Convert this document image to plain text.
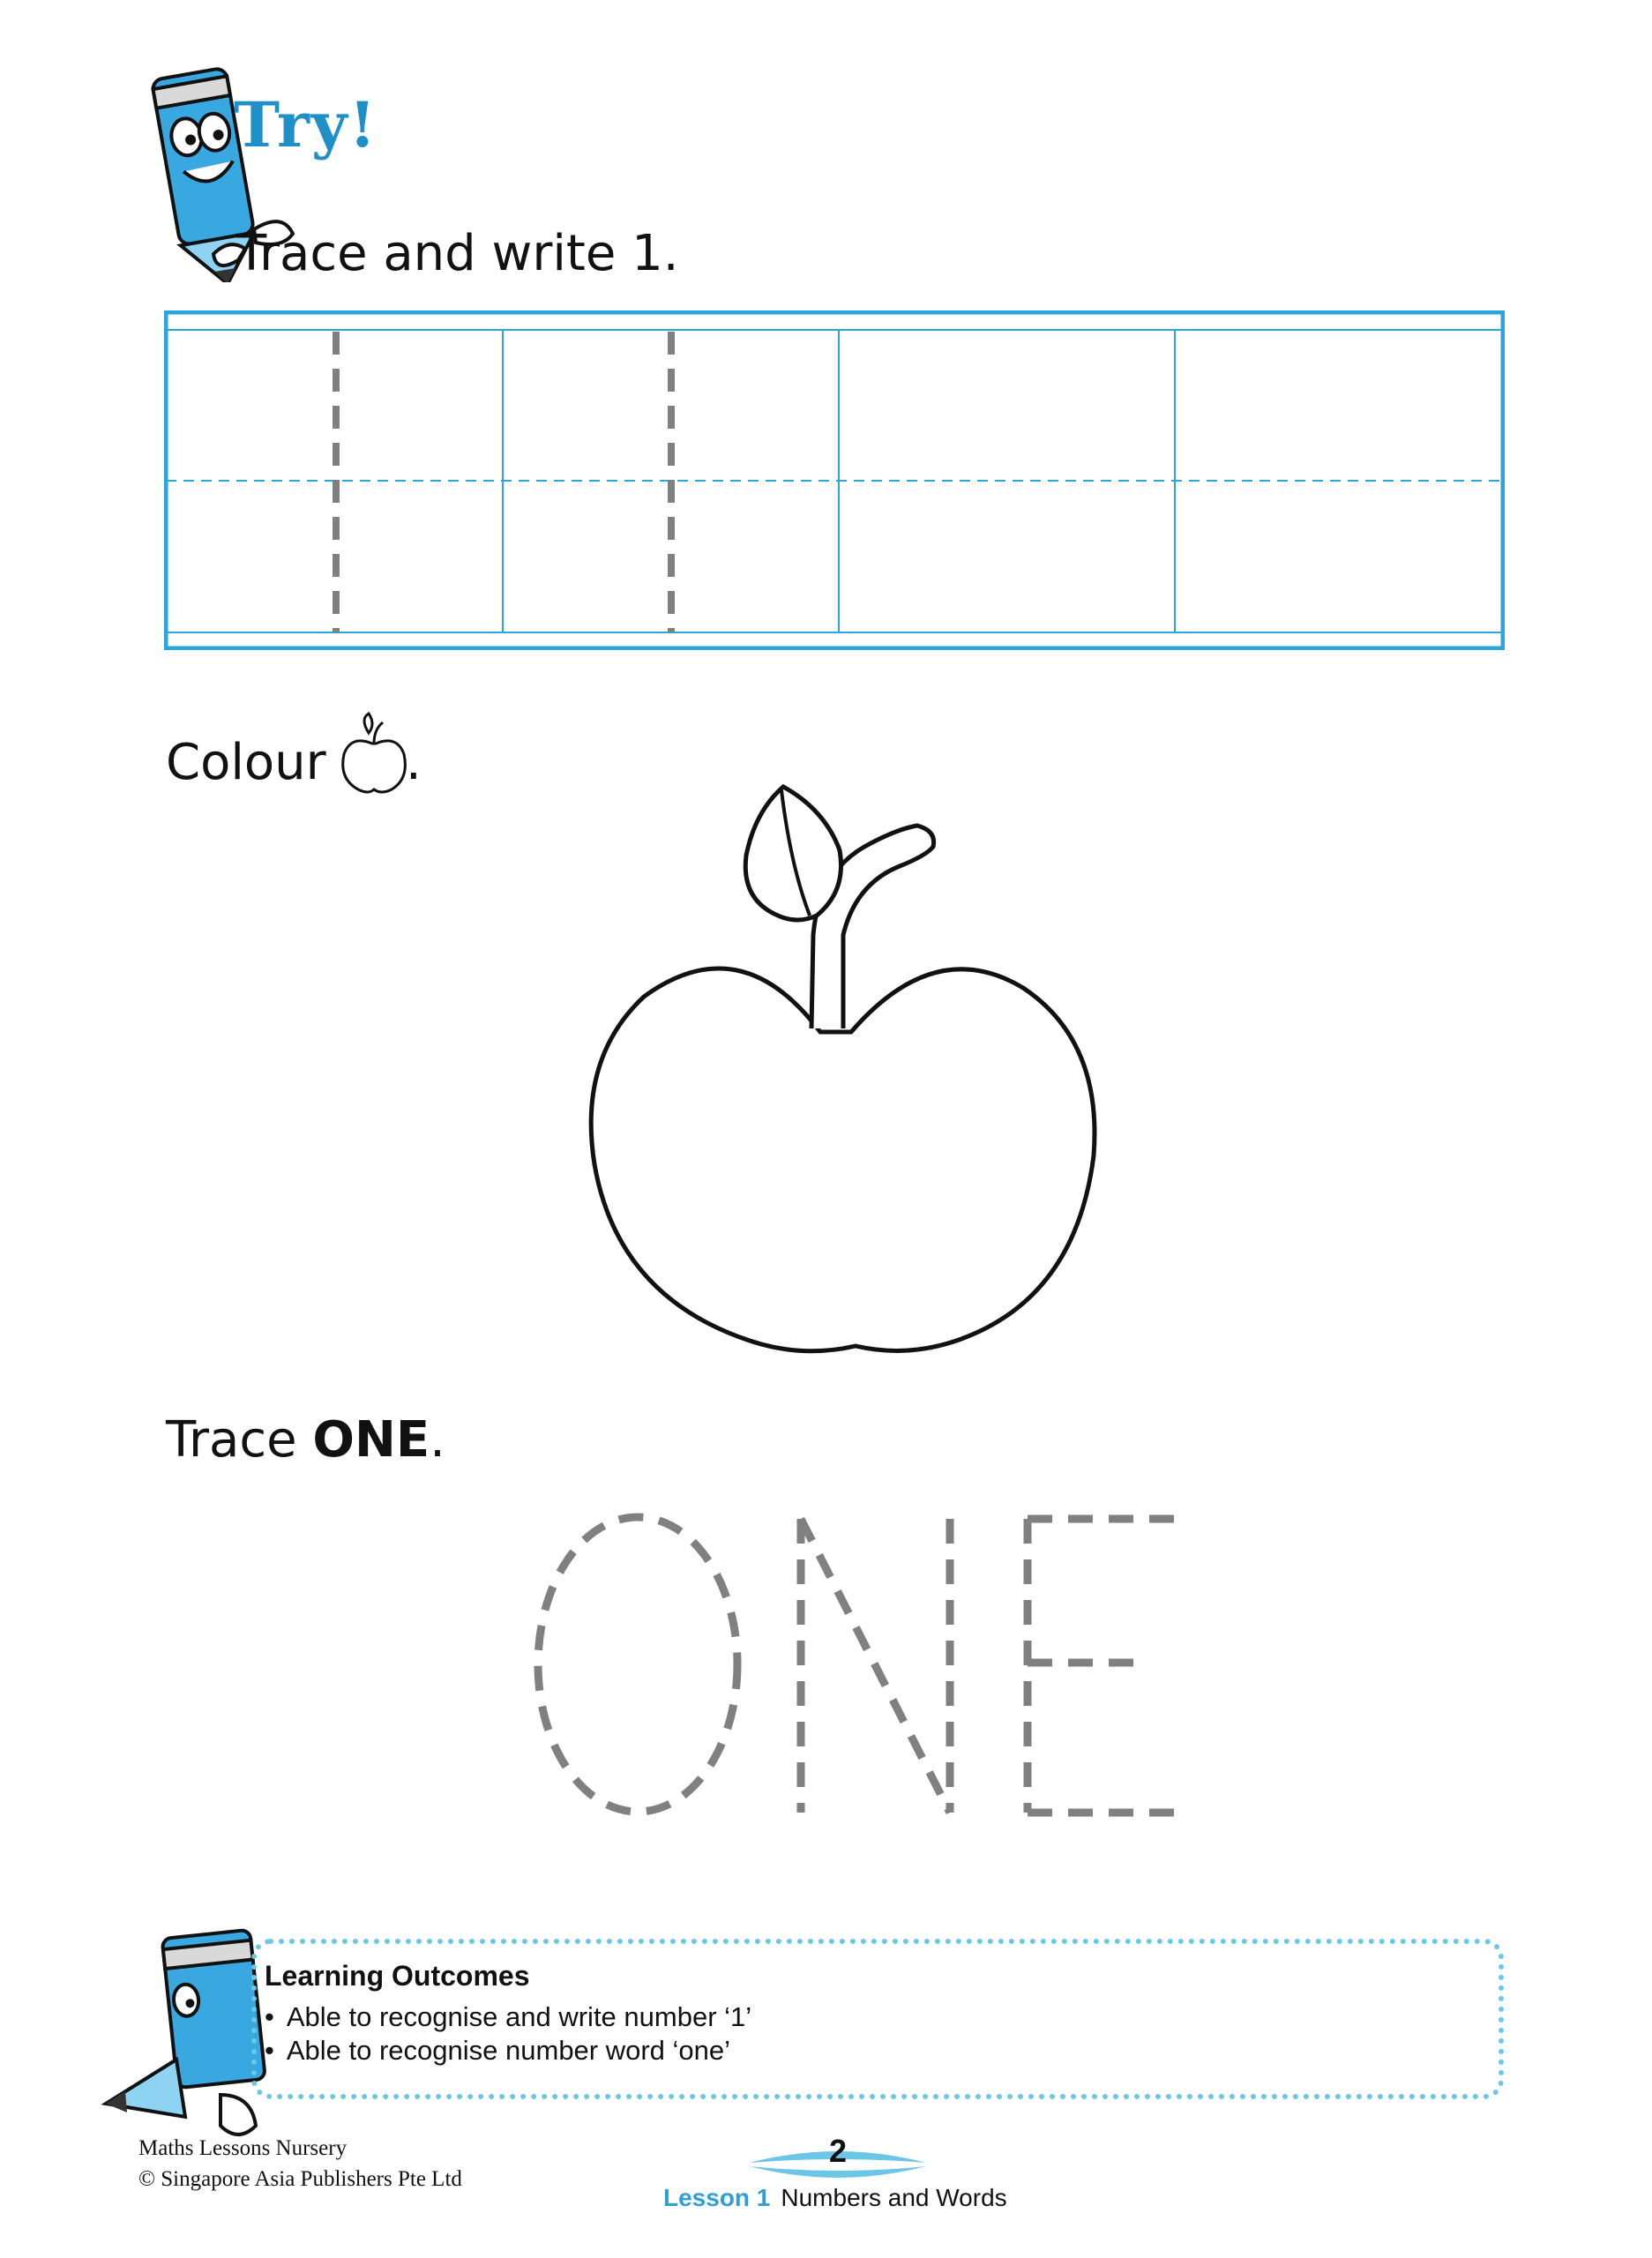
Try!
Trace and write 1.
Colour .
Trace ONE.
ONE
Learning Outcomes
• Able to recognise and write number ‘1’
• Able to recognise number word ‘one’
Maths Lessons Nursery
© Singapore Asia Publishers Pte Ltd
2
Lesson 1 Numbers and Words
